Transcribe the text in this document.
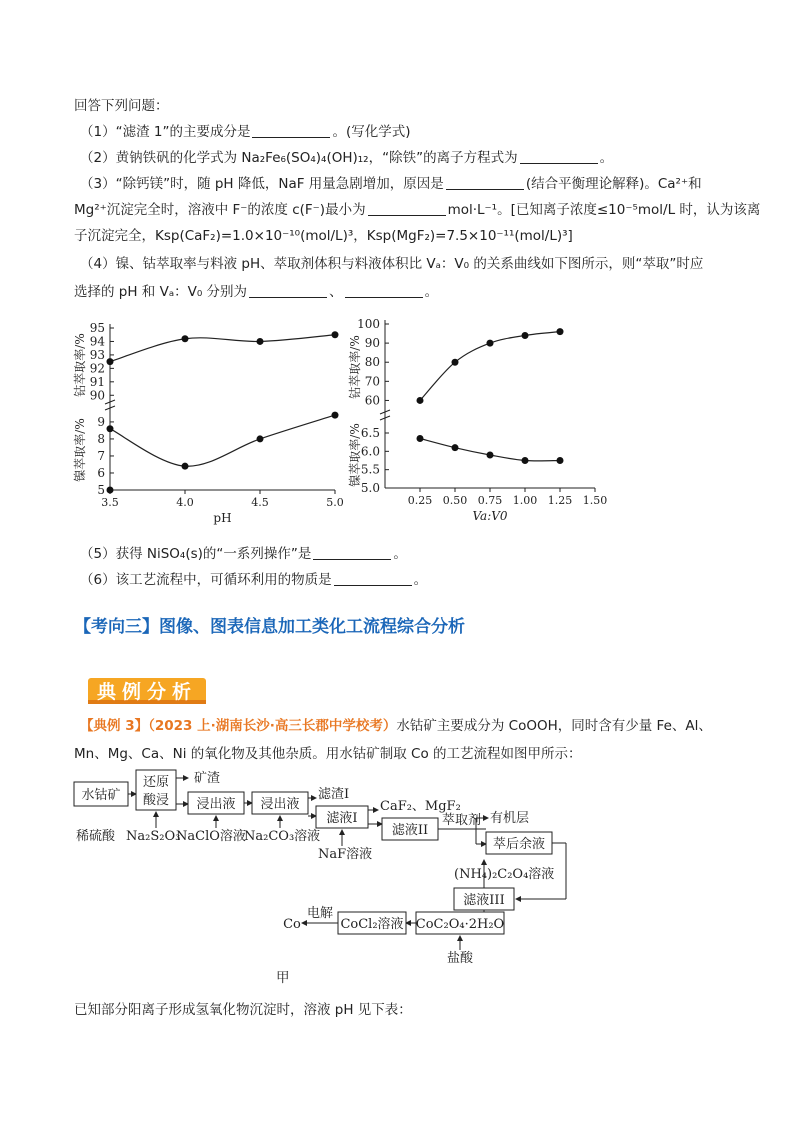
回答下列问题：
（1）“滤渣 1”的主要成分是	。(写化学式)
（2）黄钠铁矾的化学式为 Na₂Fe₆(SO₄)₄(OH)₁₂，“除铁”的离子方程式为	。
（3）“除钙镁”时，随 pH 降低，NaF 用量急剧增加，原因是	(结合平衡理论解释)。Ca²⁺和
Mg²⁺沉淀完全时，溶液中 F⁻的浓度 c(F⁻)最小为	mol·L⁻¹。[已知离子浓度≤10⁻⁵mol/L 时，认为该离
子沉淀完全，Ksp(CaF₂)=1.0×10⁻¹⁰(mol/L)³，Ksp(MgF₂)=7.5×10⁻¹¹(mol/L)³]
（4）镍、钴萃取率与料液 pH、萃取剂体积与料液体积比 Vₐ：V₀ 的关系曲线如下图所示，则“萃取”时应
选择的 pH 和 Vₐ：V₀ 分别为	、	。
3.5	4.0	4.5	5.0
90
91
92
93
94
95
钴萃取率/%
5
6
7
8
9
镍萃取率/%
pH
0.25 0.50 0.75 1.00 1.25 1.50
60
70
80
90
100
钴萃取率/%
5.0
5.5
6.0
6.5
镍萃取率/%
Va:V0
（5）获得 NiSO₄(s)的“一系列操作”是	。
（6）该工艺流程中，可循环利用的物质是	。
【考向三】图像、图表信息加工类化工流程综合分析
典例分析
【典例 3】（2023 上·湖南长沙·高三长郡中学校考）水钴矿主要成分为 CoOOH，同时含有少量 Fe、Al、
Mn、Mg、Ca、Ni 的氧化物及其他杂质。用水钴矿制取 Co 的工艺流程如图甲所示：
水钴矿
还原
酸浸
矿渣
浸出液 浸出液
滤渣I
滤液I
CaF₂、MgF₂
滤液II
萃取剂 有机层
萃后余液
(NH₄)₂C₂O₄溶液
滤液III
CoC₂O₄·2H₂O
盐酸
CoCl₂溶液
电解
Co
稀硫酸 Na₂S₂O₃
NaClO溶液
Na₂CO₃溶液
NaF溶液
甲
已知部分阳离子形成氢氧化物沉淀时，溶液 pH 见下表：
